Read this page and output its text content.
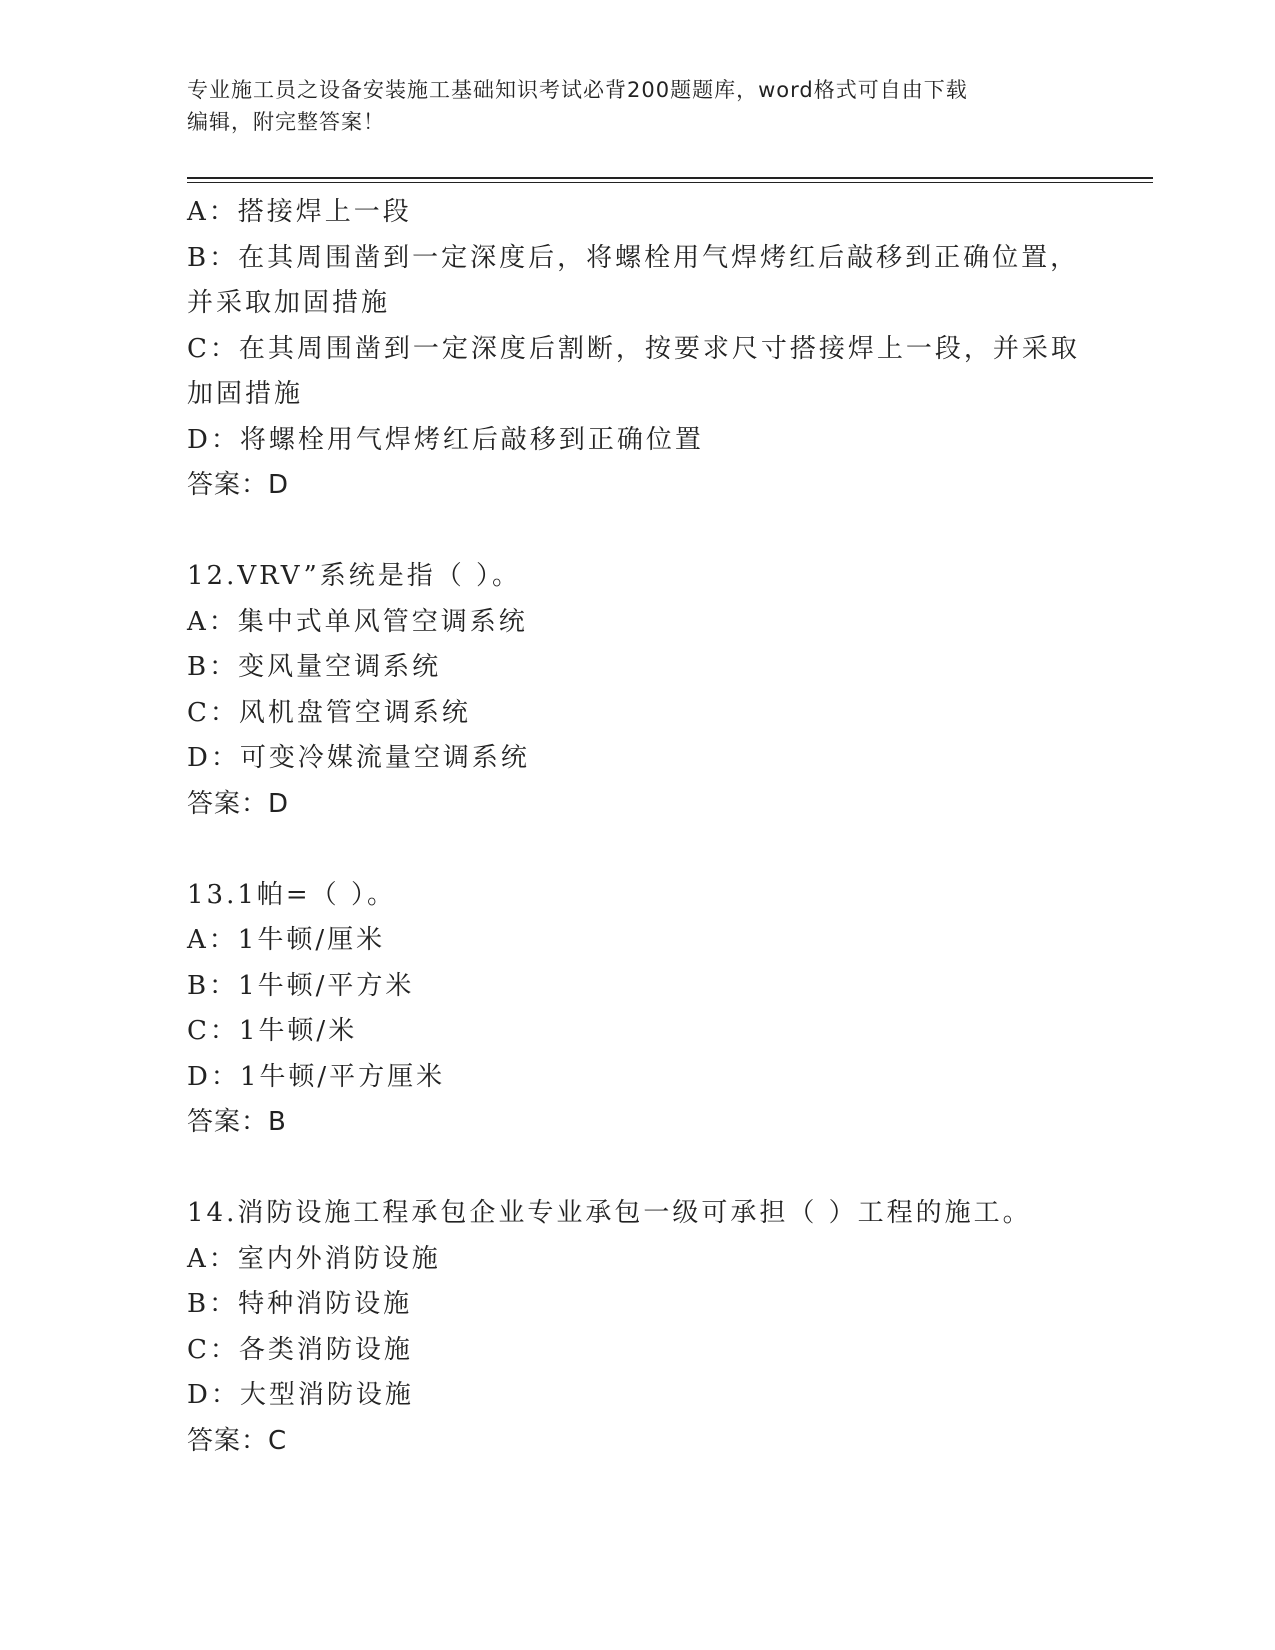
专业施工员之设备安装施工基础知识考试必背200题题库，word格式可自由下载
编辑，附完整答案！
A：搭接焊上一段
B：在其周围凿到一定深度后，将螺栓用气焊烤红后敲移到正确位置，
并采取加固措施
C：在其周围凿到一定深度后割断，按要求尺寸搭接焊上一段，并采取
加固措施
D：将螺栓用气焊烤红后敲移到正确位置
答案：D
12.VRV”系统是指（ ）。
A：集中式单风管空调系统
B：变风量空调系统
C：风机盘管空调系统
D：可变冷媒流量空调系统
答案：D
13.1帕=（ ）。
A：1牛顿/厘米
B：1牛顿/平方米
C：1牛顿/米
D：1牛顿/平方厘米
答案：B
14.消防设施工程承包企业专业承包一级可承担（ ）工程的施工。
A：室内外消防设施
B：特种消防设施
C：各类消防设施
D：大型消防设施
答案：C
